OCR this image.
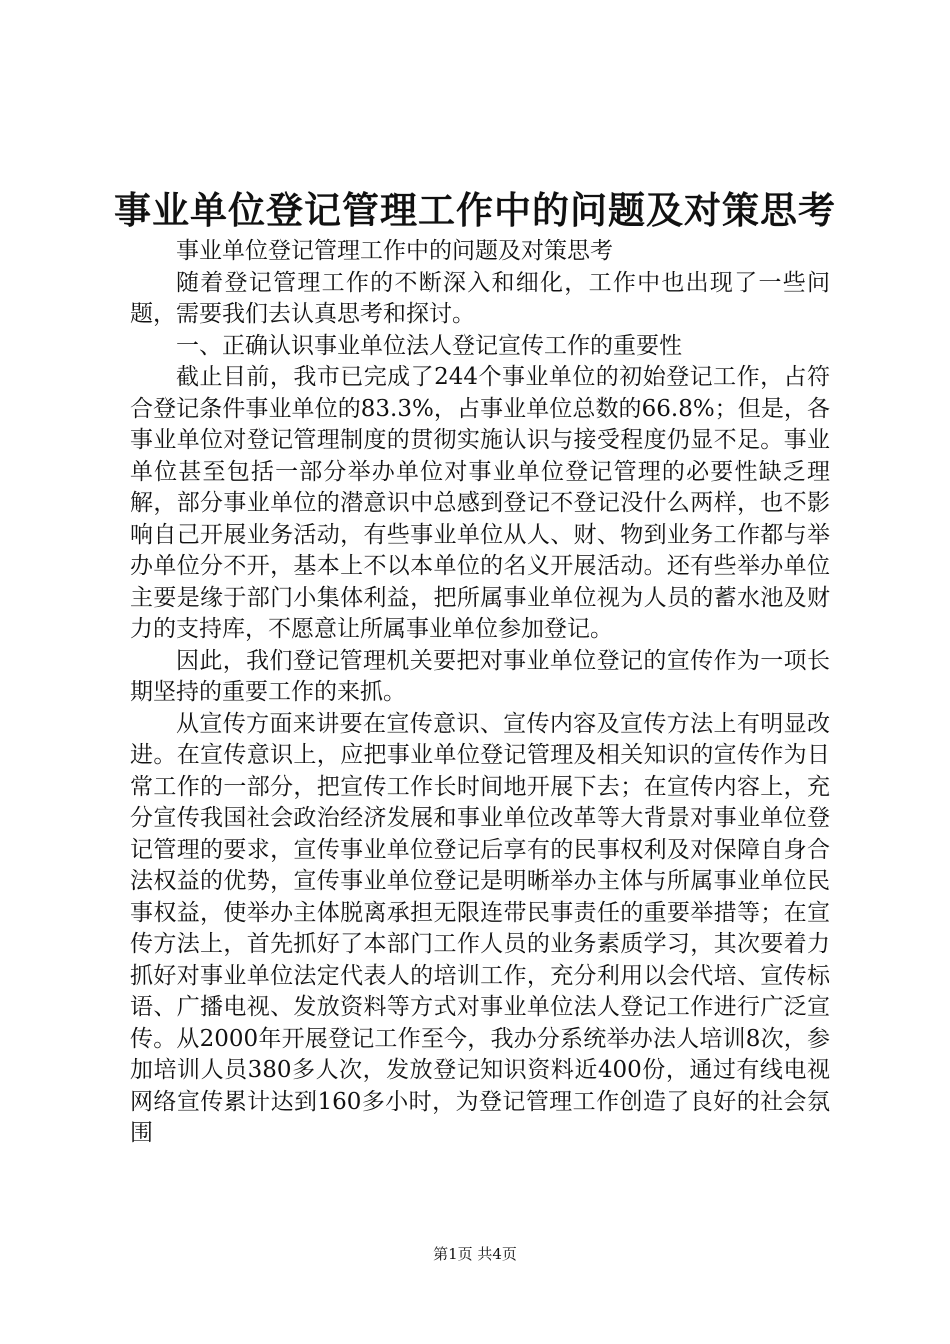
事业单位登记管理工作中的问题及对策思考

事业单位登记管理工作中的问题及对策思考

随着登记管理工作的不断深入和细化，工作中也出现了一些问题，需要我们去认真思考和探讨。

一、正确认识事业单位法人登记宣传工作的重要性

截止目前，我市已完成了244个事业单位的初始登记工作，占符合登记条件事业单位的83.3%，占事业单位总数的66.8%；但是，各事业单位对登记管理制度的贯彻实施认识与接受程度仍显不足。事业单位甚至包括一部分举办单位对事业单位登记管理的必要性缺乏理解，部分事业单位的潜意识中总感到登记不登记没什么两样，也不影响自己开展业务活动，有些事业单位从人、财、物到业务工作都与举办单位分不开，基本上不以本单位的名义开展活动。还有些举办单位主要是缘于部门小集体利益，把所属事业单位视为人员的蓄水池及财力的支持库，不愿意让所属事业单位参加登记。

因此，我们登记管理机关要把对事业单位登记的宣传作为一项长期坚持的重要工作的来抓。

从宣传方面来讲要在宣传意识、宣传内容及宣传方法上有明显改进。在宣传意识上，应把事业单位登记管理及相关知识的宣传作为日常工作的一部分，把宣传工作长时间地开展下去；在宣传内容上，充分宣传我国社会政治经济发展和事业单位改革等大背景对事业单位登记管理的要求，宣传事业单位登记后享有的民事权利及对保障自身合法权益的优势，宣传事业单位登记是明晰举办主体与所属事业单位民事权益，使举办主体脱离承担无限连带民事责任的重要举措等；在宣传方法上，首先抓好了本部门工作人员的业务素质学习，其次要着力抓好对事业单位法定代表人的培训工作，充分利用以会代培、宣传标语、广播电视、发放资料等方式对事业单位法人登记工作进行广泛宣传。从2000年开展登记工作至今，我办分系统举办法人培训8次，参加培训人员380多人次，发放登记知识资料近400份，通过有线电视网络宣传累计达到160多小时，为登记管理工作创造了良好的社会氛围

第1页 共4页
